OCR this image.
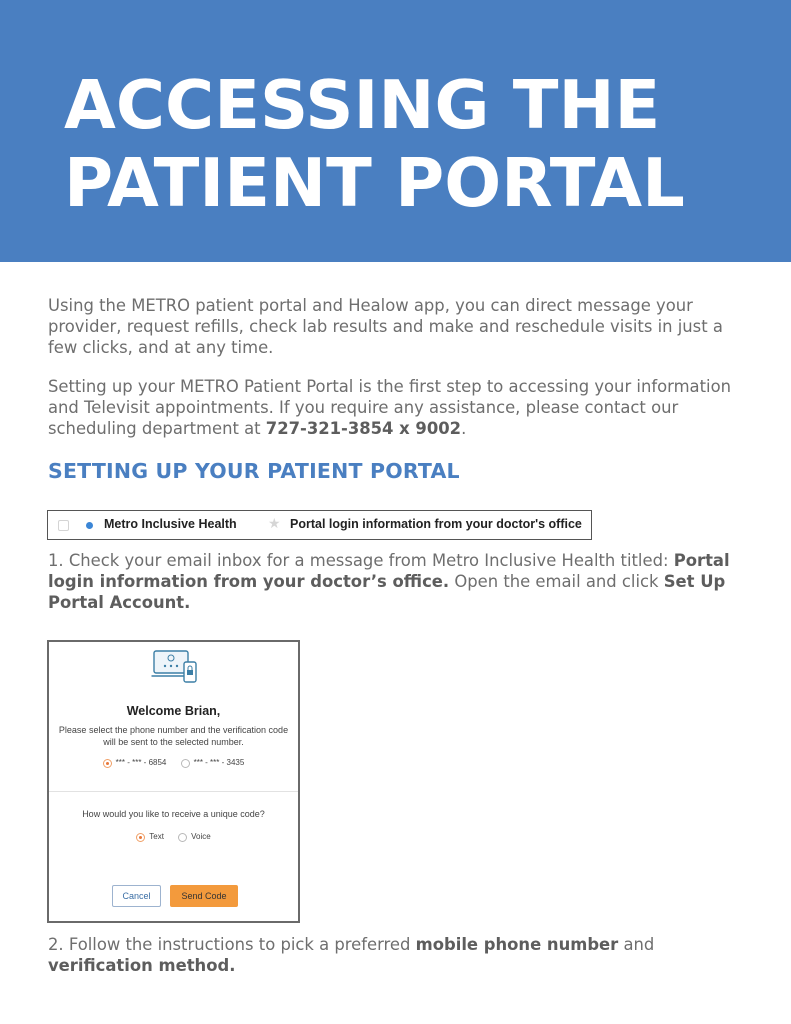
ACCESSING THE
PATIENT PORTAL

Using the METRO patient portal and Healow app, you can direct message your provider, request refills, check lab results and make and reschedule visits in just a few clicks, and at any time.

Setting up your METRO Patient Portal is the first step to accessing your information and Televisit appointments. If you require any assistance, please contact our scheduling department at 727-321-3854 x 9002.

SETTING UP YOUR PATIENT PORTAL
Metro Inclusive Health ★ Portal login information from your doctor's office

1. Check your email inbox for a message from Metro Inclusive Health titled: Portal login information from your doctor’s office. Open the email and click Set Up Portal Account.

Welcome Brian,
Please select the phone number and the verification code will be sent to the selected number.
*** - *** - 6854	*** - *** - 3435
How would you like to receive a unique code?
Text	Voice
Cancel	Send Code

2. Follow the instructions to pick a preferred mobile phone number and verification method.
